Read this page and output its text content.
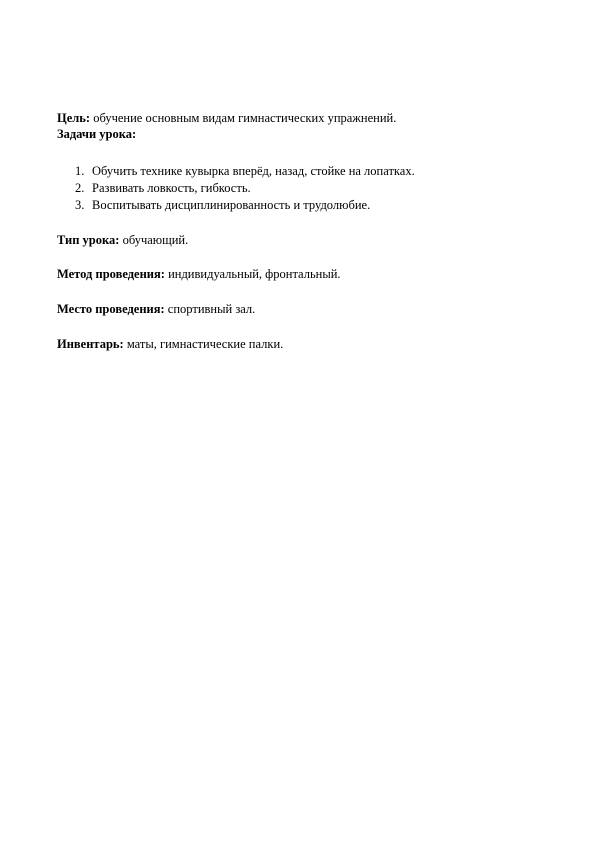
Цель: обучение основным видам гимнастических упражнений.
Задачи урока:
1. Обучить технике кувырка вперёд, назад, стойке на лопатках.
2. Развивать ловкость, гибкость.
3. Воспитывать дисциплинированность и трудолюбие.
Тип урока: обучающий.
Метод проведения: индивидуальный, фронтальный.
Место проведения: спортивный зал.
Инвентарь: маты, гимнастические палки.
